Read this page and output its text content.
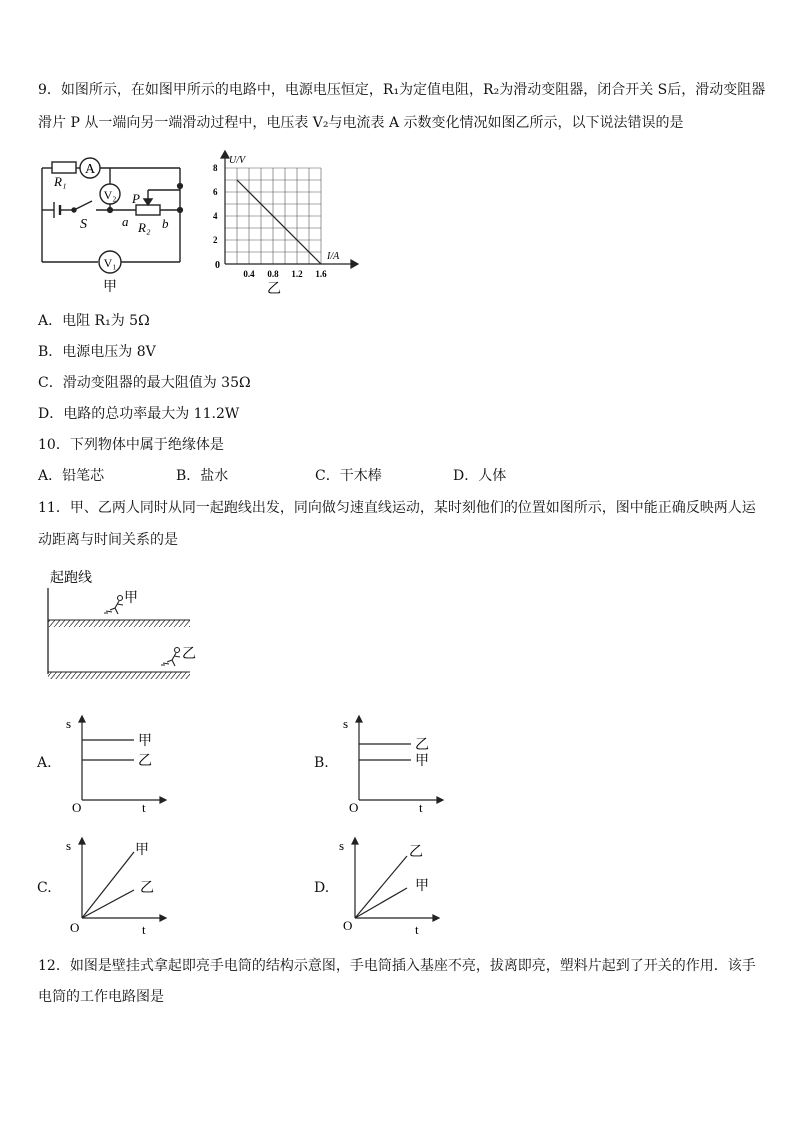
9．如图所示，在如图甲所示的电路中，电源电压恒定，R₁为定值电阻，R₂为滑动变阻器，闭合开关 S后，滑动变阻器
滑片 P 从一端向另一端滑动过程中，电压表 V₂与电流表 A 示数变化情况如图乙所示，以下说法错误的是
R₁
A
V₂ P
S	a R₂ b
V₁
甲
U/V
I/A
0
8
6
4
2
0.4 0.8 1.2 1.6
乙
A．电阻 R₁为 5Ω
B．电源电压为 8V
C．滑动变阻器的最大阻值为 35Ω
D．电路的总功率最大为 11.2W
10．下列物体中属于绝缘体是
A．铅笔芯	B．盐水	C．干木棒	D．人体
11．甲、乙两人同时从同一起跑线出发，同向做匀速直线运动，某时刻他们的位置如图所示，图中能正确反映两人运
动距离与时间关系的是
起跑线
甲
乙
A.
s
t
O
甲
乙	B.
s
t
O
乙
甲
C.
s
t
O
甲
乙	D.
s
t
O
乙
甲
12．如图是壁挂式拿起即亮手电筒的结构示意图，手电筒插入基座不亮，拔离即亮，塑料片起到了开关的作用．该手
电筒的工作电路图是
